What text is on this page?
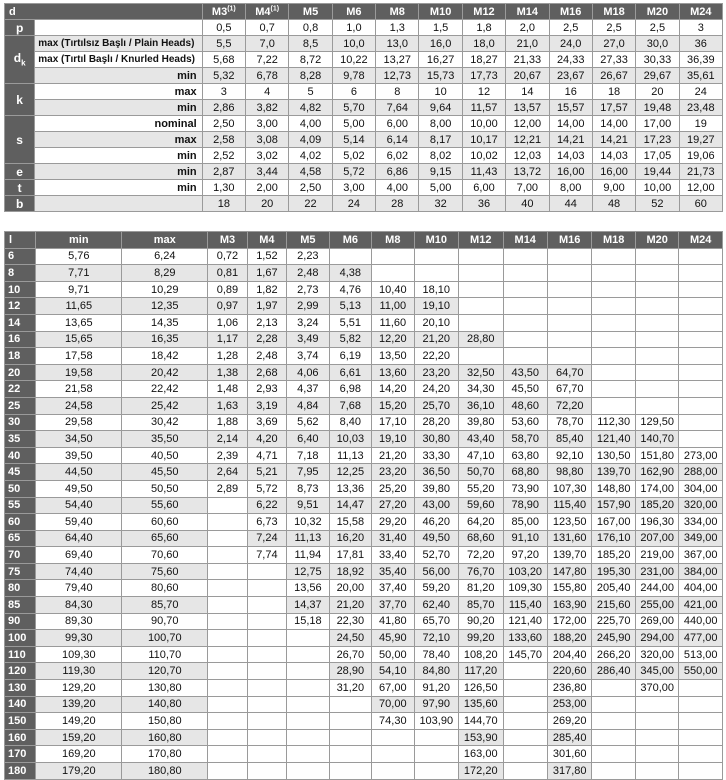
d		M3$^{(1)}$	M4$^{(1)}$	M5	M6	M8	M10	M12	M14	M16	M18	M20	M24
p		0,5	0,7	0,8	1,0	1,3	1,5	1,8	2,0	2,5	2,5	2,5	3
$d_k$	max (Tırtılsız Başlı / Plain Heads)	5,5	7,0	8,5	10,0	13,0	16,0	18,0	21,0	24,0	27,0	30,0	36
	max (Tırtıl Başlı / Knurled Heads)	5,68	7,22	8,72	10,22	13,27	16,27	18,27	21,33	24,33	27,33	30,33	36,39
	min	5,32	6,78	8,28	9,78	12,73	15,73	17,73	20,67	23,67	26,67	29,67	35,61
k	max	3	4	5	6	8	10	12	14	16	18	20	24
	min	2,86	3,82	4,82	5,70	7,64	9,64	11,57	13,57	15,57	17,57	19,48	23,48
s	nominal	2,50	3,00	4,00	5,00	6,00	8,00	10,00	12,00	14,00	14,00	17,00	19
	max	2,58	3,08	4,09	5,14	6,14	8,17	10,17	12,21	14,21	14,21	17,23	19,27
	min	2,52	3,02	4,02	5,02	6,02	8,02	10,02	12,03	14,03	14,03	17,05	19,06
e	min	2,87	3,44	4,58	5,72	6,86	9,15	11,43	13,72	16,00	16,00	19,44	21,73
t	min	1,30	2,00	2,50	3,00	4,00	5,00	6,00	7,00	8,00	9,00	10,00	12,00
b		18	20	22	24	28	32	36	40	44	48	52	60
l	min	max	M3	M4	M5	M6	M8	M10	M12	M14	M16	M18	M20	M24
6	5,76	6,24	0,72	1,52	2,23									
8	7,71	8,29	0,81	1,67	2,48	4,38								
10	9,71	10,29	0,89	1,82	2,73	4,76	10,40	18,10						
12	11,65	12,35	0,97	1,97	2,99	5,13	11,00	19,10						
14	13,65	14,35	1,06	2,13	3,24	5,51	11,60	20,10						
16	15,65	16,35	1,17	2,28	3,49	5,82	12,20	21,20	28,80					
18	17,58	18,42	1,28	2,48	3,74	6,19	13,50	22,20						
20	19,58	20,42	1,38	2,68	4,06	6,61	13,60	23,20	32,50	43,50	64,70			
22	21,58	22,42	1,48	2,93	4,37	6,98	14,20	24,20	34,30	45,50	67,70			
25	24,58	25,42	1,63	3,19	4,84	7,68	15,20	25,70	36,10	48,60	72,20			
30	29,58	30,42	1,88	3,69	5,62	8,40	17,10	28,20	39,80	53,60	78,70	112,30	129,50	
35	34,50	35,50	2,14	4,20	6,40	10,03	19,10	30,80	43,40	58,70	85,40	121,40	140,70	
40	39,50	40,50	2,39	4,71	7,18	11,13	21,20	33,30	47,10	63,80	92,10	130,50	151,80	273,00
45	44,50	45,50	2,64	5,21	7,95	12,25	23,20	36,50	50,70	68,80	98,80	139,70	162,90	288,00
50	49,50	50,50	2,89	5,72	8,73	13,36	25,20	39,80	55,20	73,90	107,30	148,80	174,00	304,00
55	54,40	55,60		6,22	9,51	14,47	27,20	43,00	59,60	78,90	115,40	157,90	185,20	320,00
60	59,40	60,60		6,73	10,32	15,58	29,20	46,20	64,20	85,00	123,50	167,00	196,30	334,00
65	64,40	65,60		7,24	11,13	16,20	31,40	49,50	68,60	91,10	131,60	176,10	207,00	349,00
70	69,40	70,60		7,74	11,94	17,81	33,40	52,70	72,20	97,20	139,70	185,20	219,00	367,00
75	74,40	75,60			12,75	18,92	35,40	56,00	76,70	103,20	147,80	195,30	231,00	384,00
80	79,40	80,60			13,56	20,00	37,40	59,20	81,20	109,30	155,80	205,40	244,00	404,00
85	84,30	85,70			14,37	21,20	37,70	62,40	85,70	115,40	163,90	215,60	255,00	421,00
90	89,30	90,70			15,18	22,30	41,80	65,70	90,20	121,40	172,00	225,70	269,00	440,00
100	99,30	100,70				24,50	45,90	72,10	99,20	133,60	188,20	245,90	294,00	477,00
110	109,30	110,70				26,70	50,00	78,40	108,20	145,70	204,40	266,20	320,00	513,00
120	119,30	120,70				28,90	54,10	84,80	117,20		220,60	286,40	345,00	550,00
130	129,20	130,80				31,20	67,00	91,20	126,50		236,80		370,00	
140	139,20	140,80					70,00	97,90	135,60		253,00			
150	149,20	150,80					74,30	103,90	144,70		269,20			
160	159,20	160,80							153,90		285,40			
170	169,20	170,80							163,00		301,60			
180	179,20	180,80							172,20		317,80			
